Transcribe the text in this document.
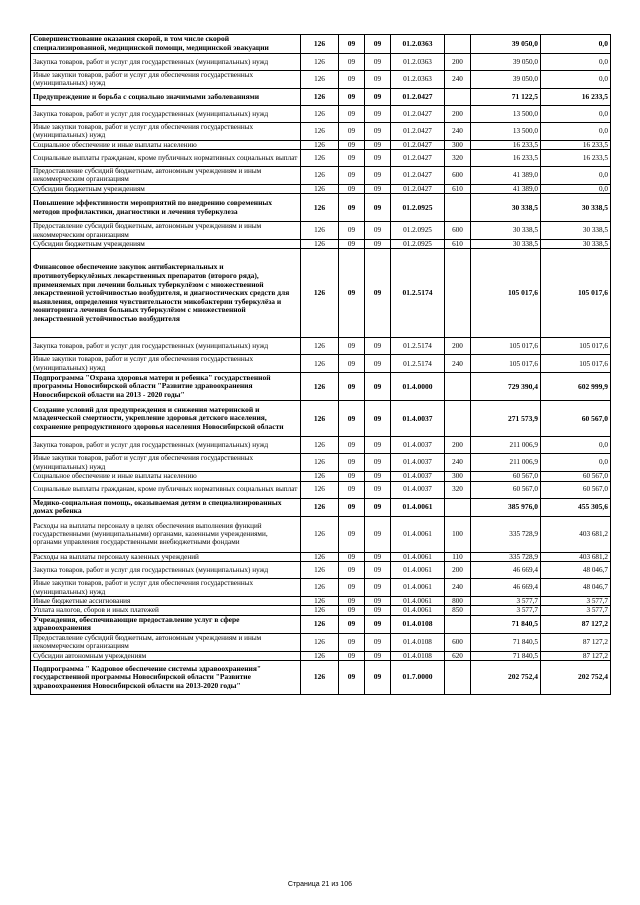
Совершенствование оказания скорой, в том числе скорой специализированной, медицинской помощи, медицинской эвакуации	126	09	09	01.2.0363		39 050,0	0,0
Закупка товаров, работ и услуг для государственных (муниципальных) нужд	126	09	09	01.2.0363	200	39 050,0	0,0
Иные закупки товаров, работ и услуг для обеспечения государственных (муниципальных) нужд	126	09	09	01.2.0363	240	39 050,0	0,0
Предупреждение и борьба с социально значимыми заболеваниями	126	09	09	01.2.0427		71 122,5	16 233,5
Закупка товаров, работ и услуг для государственных (муниципальных) нужд	126	09	09	01.2.0427	200	13 500,0	0,0
Иные закупки товаров, работ и услуг для обеспечения государственных (муниципальных) нужд	126	09	09	01.2.0427	240	13 500,0	0,0
Социальное обеспечение и иные выплаты населению	126	09	09	01.2.0427	300	16 233,5	16 233,5
Социальные выплаты гражданам, кроме публичных нормативных социальных выплат	126	09	09	01.2.0427	320	16 233,5	16 233,5
Предоставление субсидий бюджетным, автономным учреждениям и иным некоммерческим организациям	126	09	09	01.2.0427	600	41 389,0	0,0
Субсидии бюджетным учреждениям	126	09	09	01.2.0427	610	41 389,0	0,0
Повышение эффективности мероприятий по внедрению современных методов профилактики, диагностики и лечения туберкулеза	126	09	09	01.2.0925		30 338,5	30 338,5
Предоставление субсидий бюджетным, автономным учреждениям и иным некоммерческим организациям	126	09	09	01.2.0925	600	30 338,5	30 338,5
Субсидии бюджетным учреждениям	126	09	09	01.2.0925	610	30 338,5	30 338,5
Финансовое обеспечение закупок антибактериальных и противотуберкулёзных лекарственных препаратов (второго ряда), применяемых при лечении больных туберкулёзом с множественной лекарственной устойчивостью возбудителя, и диагностических средств для выявления, определения чувствительности микобактерии туберкулёза и мониторинга лечения больных туберкулёзом с множественной лекарственной устойчивостью возбудителя	126	09	09	01.2.5174		105 017,6	105 017,6
Закупка товаров, работ и услуг для государственных (муниципальных) нужд	126	09	09	01.2.5174	200	105 017,6	105 017,6
Иные закупки товаров, работ и услуг для обеспечения государственных (муниципальных) нужд	126	09	09	01.2.5174	240	105 017,6	105 017,6
Подпрограмма "Охрана здоровья матери и ребенка" государственной программы Новосибирской области "Развитие здравоохранения Новосибирской области на 2013 - 2020 годы"	126	09	09	01.4.0000		729 390,4	602 999,9
Создание условий для предупреждения и снижения материнской и младенческой смертности, укрепление здоровья детского населения, сохранение репродуктивного здоровья населения Новосибирской области	126	09	09	01.4.0037		271 573,9	60 567,0
Закупка товаров, работ и услуг для государственных (муниципальных) нужд	126	09	09	01.4.0037	200	211 006,9	0,0
Иные закупки товаров, работ и услуг для обеспечения государственных (муниципальных) нужд	126	09	09	01.4.0037	240	211 006,9	0,0
Социальное обеспечение и иные выплаты населению	126	09	09	01.4.0037	300	60 567,0	60 567,0
Социальные выплаты гражданам, кроме публичных нормативных социальных выплат	126	09	09	01.4.0037	320	60 567,0	60 567,0
Медико-социальная помощь, оказываемая детям в специализированных домах ребенка	126	09	09	01.4.0061		385 976,0	455 305,6
Расходы на выплаты персоналу в целях обеспечения выполнения функций государственными (муниципальными) органами, казенными учреждениями, органами управления государственными внебюджетными фондами	126	09	09	01.4.0061	100	335 728,9	403 681,2
Расходы на выплаты персоналу казенных учреждений	126	09	09	01.4.0061	110	335 728,9	403 681,2
Закупка товаров, работ и услуг для государственных (муниципальных) нужд	126	09	09	01.4.0061	200	46 669,4	48 046,7
Иные закупки товаров, работ и услуг для обеспечения государственных (муниципальных) нужд	126	09	09	01.4.0061	240	46 669,4	48 046,7
Иные бюджетные ассигнования	126	09	09	01.4.0061	800	3 577,7	3 577,7
Уплата налогов, сборов и иных платежей	126	09	09	01.4.0061	850	3 577,7	3 577,7
Учреждения, обеспечивающие предоставление услуг в сфере здравоохранения	126	09	09	01.4.0108		71 840,5	87 127,2
Предоставление субсидий бюджетным, автономным учреждениям и иным некоммерческим организациям	126	09	09	01.4.0108	600	71 840,5	87 127,2
Субсидии автономным учреждениям	126	09	09	01.4.0108	620	71 840,5	87 127,2
Подпрограмма " Кадровое обеспечение системы здравоохранения" государственной программы Новосибирской области "Развитие здравоохранения Новосибирской области на 2013-2020 годы"	126	09	09	01.7.0000		202 752,4	202 752,4
Страница 21 из 106
